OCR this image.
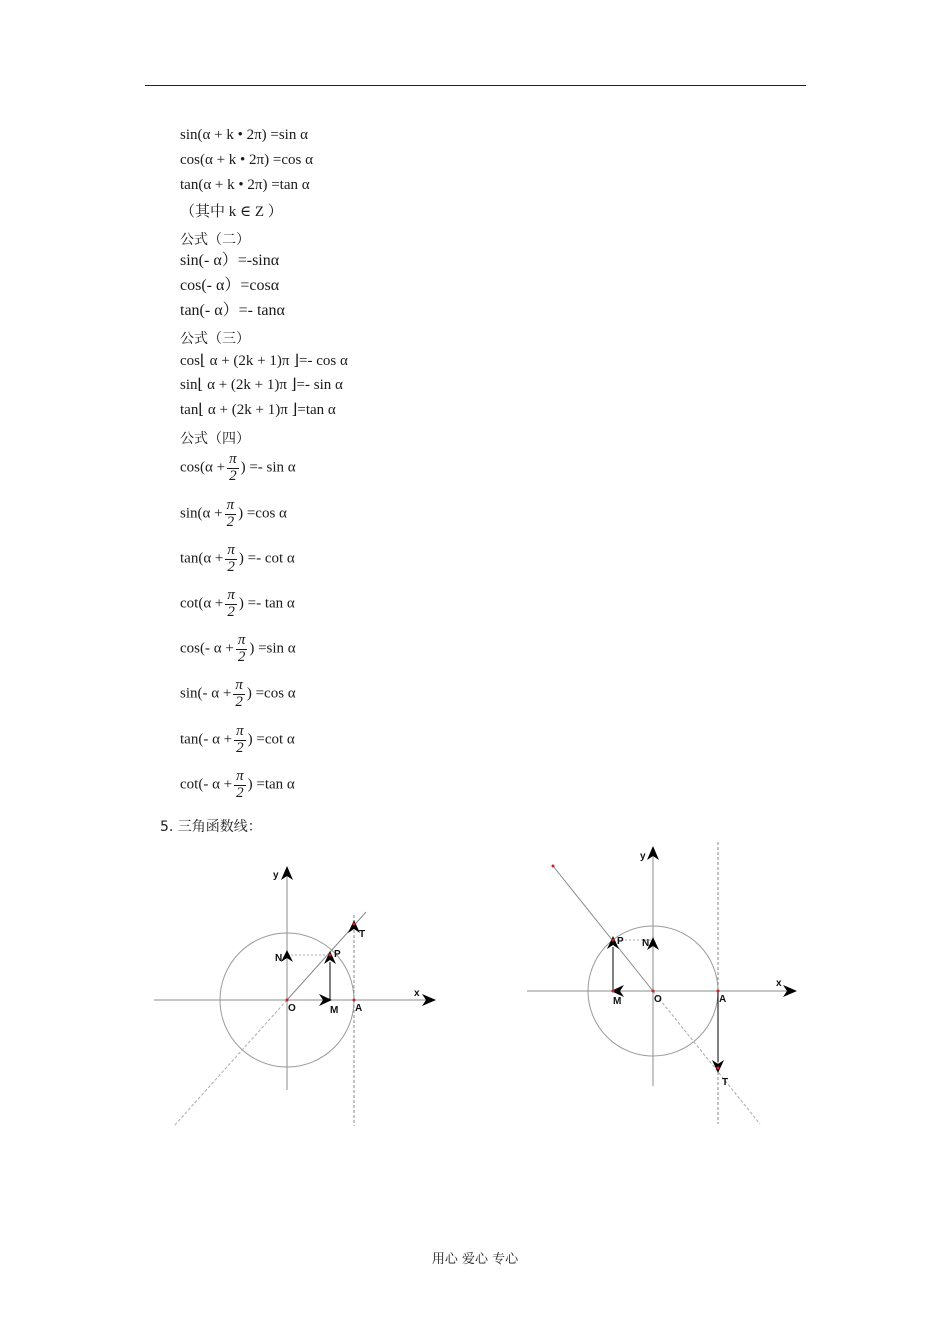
sin(α + k • 2π) =sin α
cos(α + k • 2π) =cos α
tan(α + k • 2π) =tan α
（其中 k ∈ Z ）
公式（二）
sin(- α）=-sinα
cos(- α）=cosα
tan(- α）=- tanα
公式（三）
cos⌊ α + (2k + 1)π ⌋=- cos α
sin⌊ α + (2k + 1)π ⌋=- sin α
tan⌊ α + (2k + 1)π ⌋=tan α
公式（四）
$\cos(\alpha + \frac{\pi}{2}$ ) =- sin α
$\sin(\alpha + \frac{\pi}{2}$ ) =cos α
$\tan(\alpha + \frac{\pi}{2}$ ) =- cot α
$\cot(\alpha + \frac{\pi}{2}$ ) =- tan α
cos(- $\alpha + \frac{\pi}{2}$ ) =sin α
sin(- $\alpha + \frac{\pi}{2}$ ) =cos α
tan(- $\alpha + \frac{\pi}{2}$ ) =cot α
cot(- $\alpha + \frac{\pi}{2}$ ) =tan α
5. 三角函数线：
y
x
O	A
M
N	P
T
y
x
O	A
M
N
P
T
用心 爱心 专心
